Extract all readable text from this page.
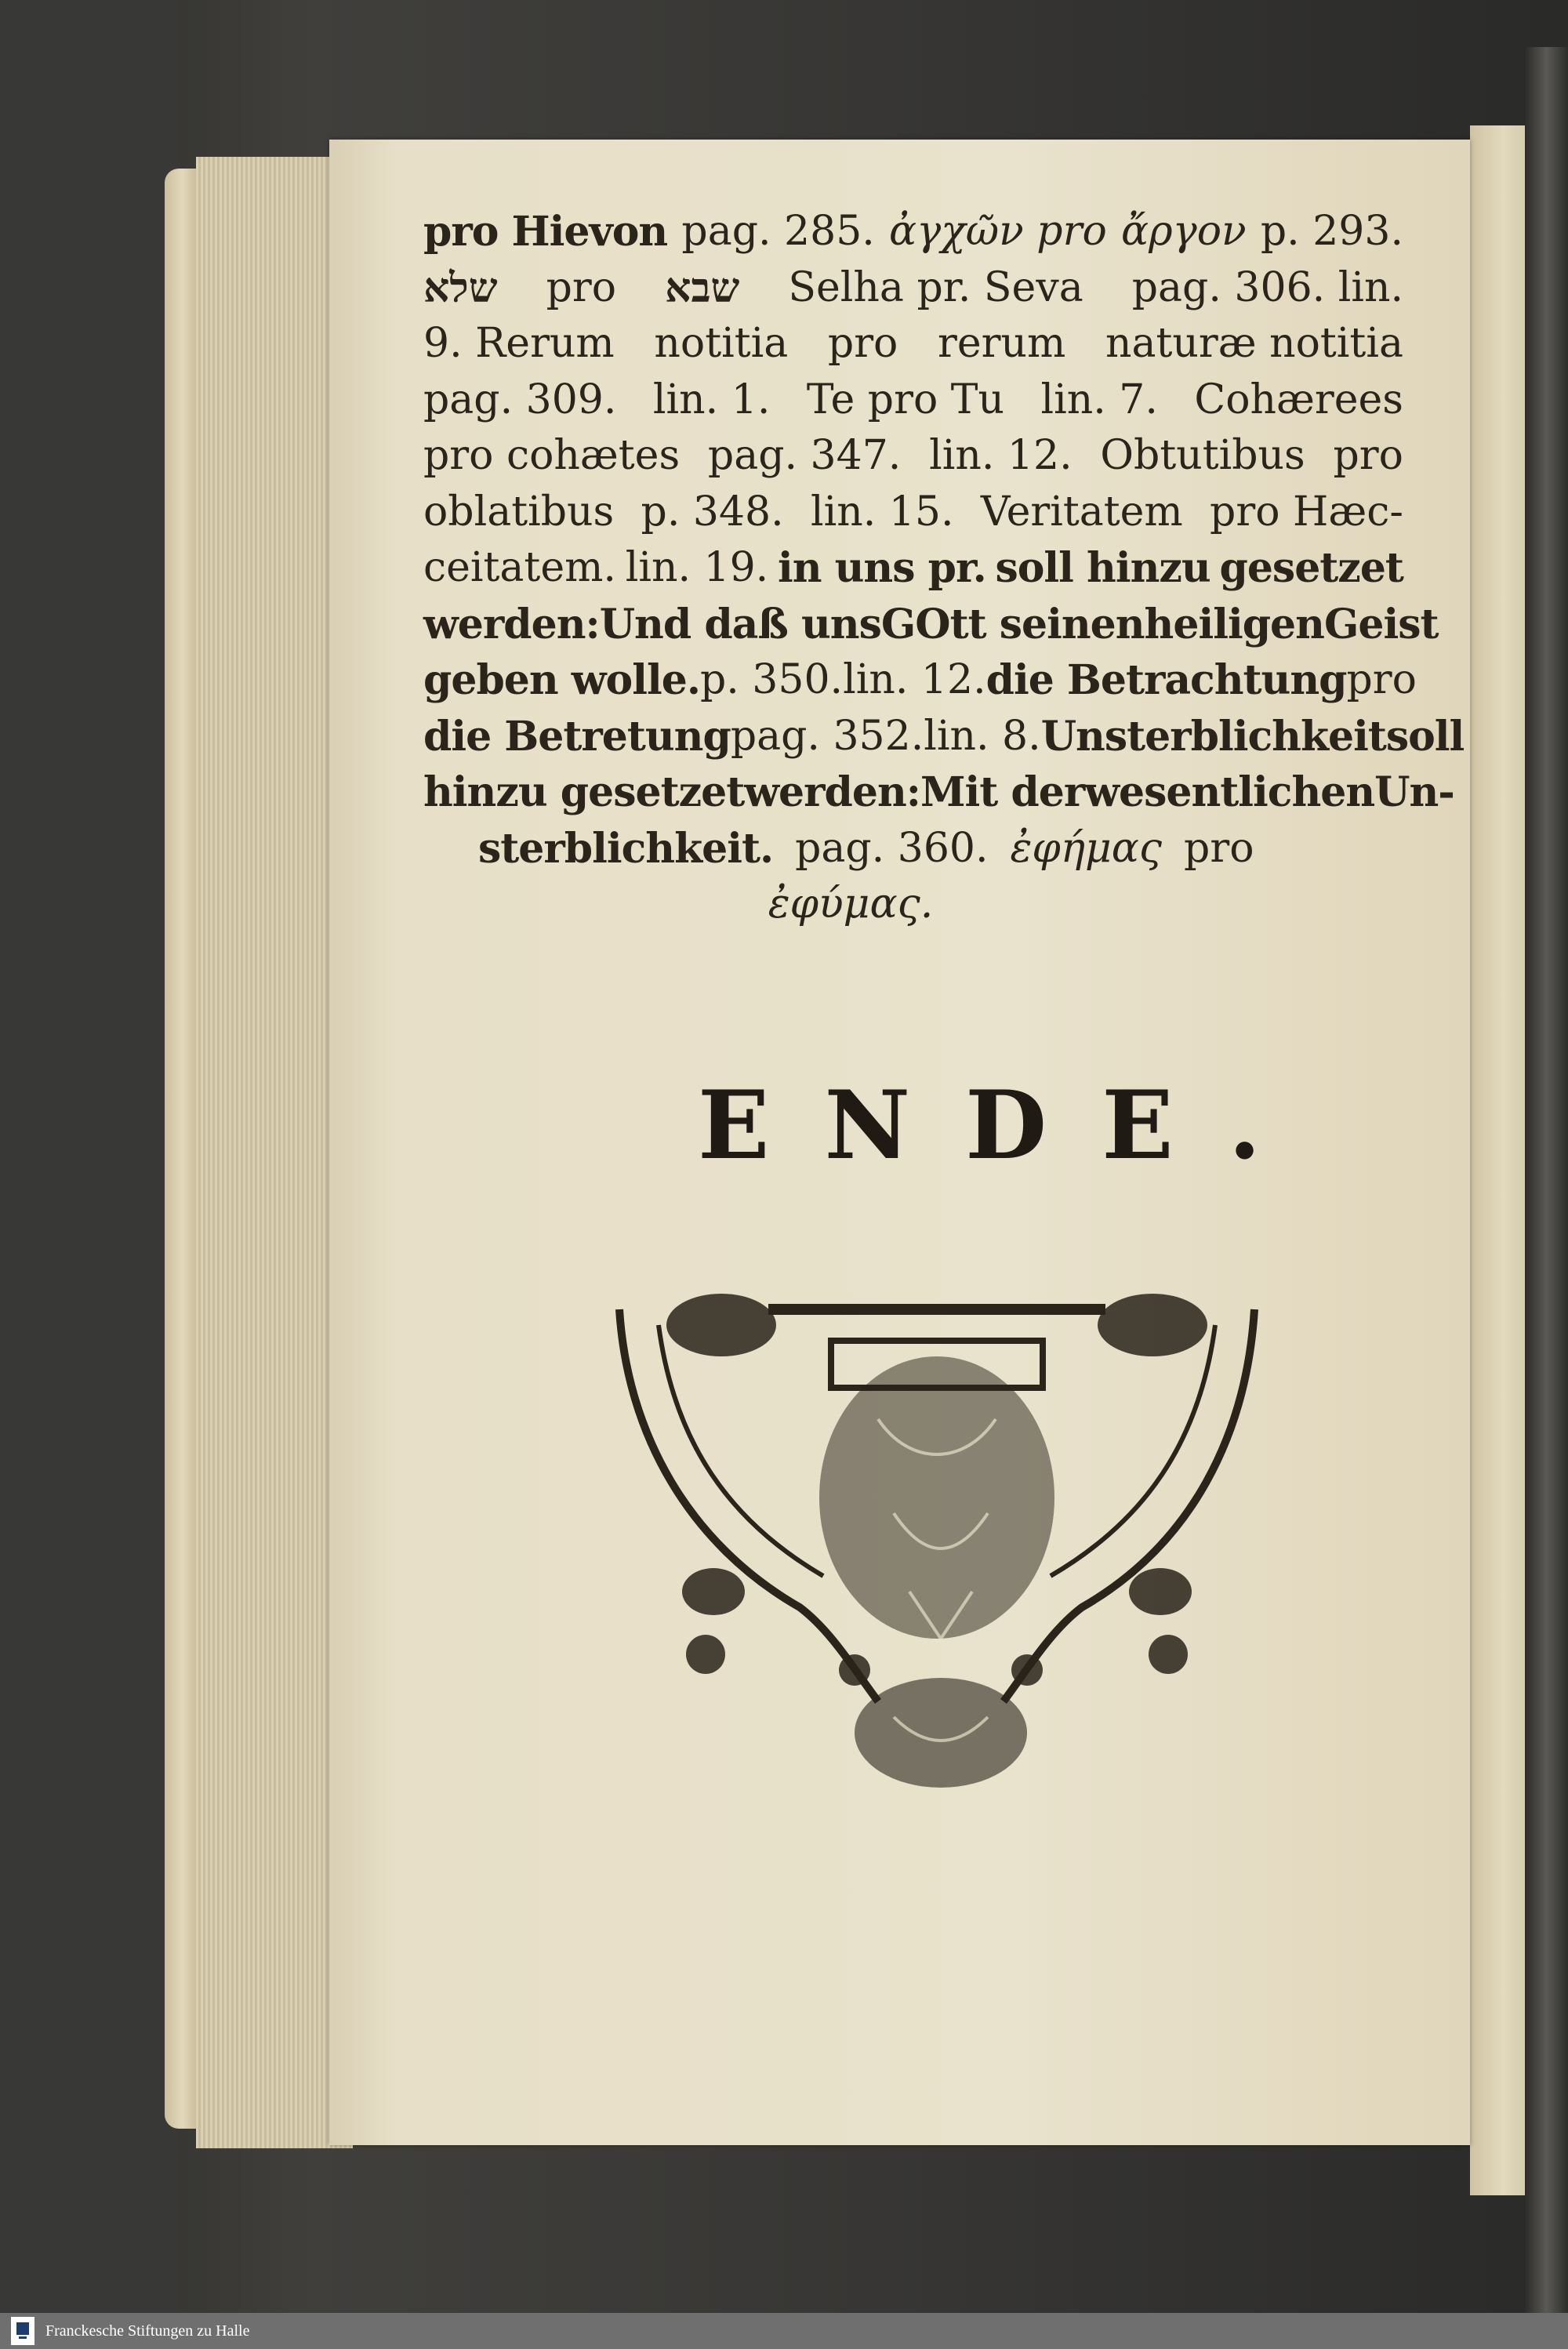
pro Hievon pag. 285. ἀγχῶν pro ἄργον p. 293.
שלא pro שבא Selha pr. Seva pag. 306. lin.
9. Rerum notitia pro rerum naturæ notitia
pag. 309. lin. 1. Te pro Tu lin. 7. Cohærees
pro cohætes pag. 347. lin. 12. Obtutibus pro
oblatibus p. 348. lin. 15. Veritatem pro Hæc-
ceitatem. lin. 19. in uns pr. soll hinzu gesetzet
werden: Und daß uns GOtt seinen heiligen Geist
geben wolle. p. 350. lin. 12. die Betrachtung pro
die Betretung pag. 352. lin. 8. Unsterblichkeit soll
hinzu gesetzet werden: Mit der wesentlichen Un-
sterblichkeit. pag. 360. ἐφήμας pro
ἐφύμας.
ENDE.
Franckesche Stiftungen zu Halle
